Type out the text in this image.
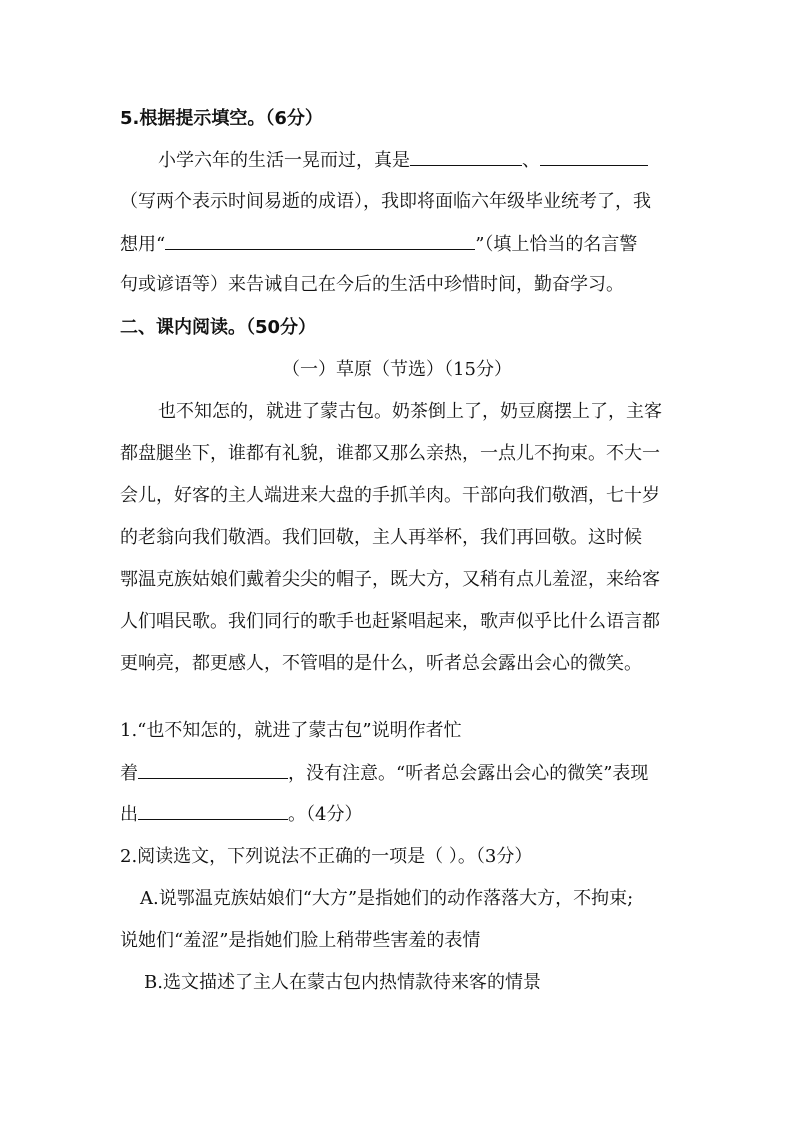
5.根据提示填空。（6分）
小学六年的生活一晃而过，真是	、
（写两个表示时间易逝的成语），我即将面临六年级毕业统考了，我
想用“	”（填上恰当的名言警
句或谚语等）来告诫自己在今后的生活中珍惜时间，勤奋学习。
二、课内阅读。（50分）
（一）草原（节选）（15分）
也不知怎的，就进了蒙古包。奶茶倒上了，奶豆腐摆上了，主客
都盘腿坐下，谁都有礼貌，谁都又那么亲热，一点儿不拘束。不大一
会儿，好客的主人端进来大盘的手抓羊肉。干部向我们敬酒，七十岁
的老翁向我们敬酒。我们回敬，主人再举杯，我们再回敬。这时候
鄂温克族姑娘们戴着尖尖的帽子，既大方，又稍有点儿羞涩，来给客
人们唱民歌。我们同行的歌手也赶紧唱起来，歌声似乎比什么语言都
更响亮，都更感人，不管唱的是什么，听者总会露出会心的微笑。
1.“也不知怎的，就进了蒙古包”说明作者忙
着	，没有注意。“听者总会露出会心的微笑”表现
出	。（4分）
2.阅读选文，下列说法不正确的一项是（ ）。（3分）
A.说鄂温克族姑娘们“大方”是指她们的动作落落大方，不拘束;
说她们“羞涩”是指她们脸上稍带些害羞的表情
B.选文描述了主人在蒙古包内热情款待来客的情景
